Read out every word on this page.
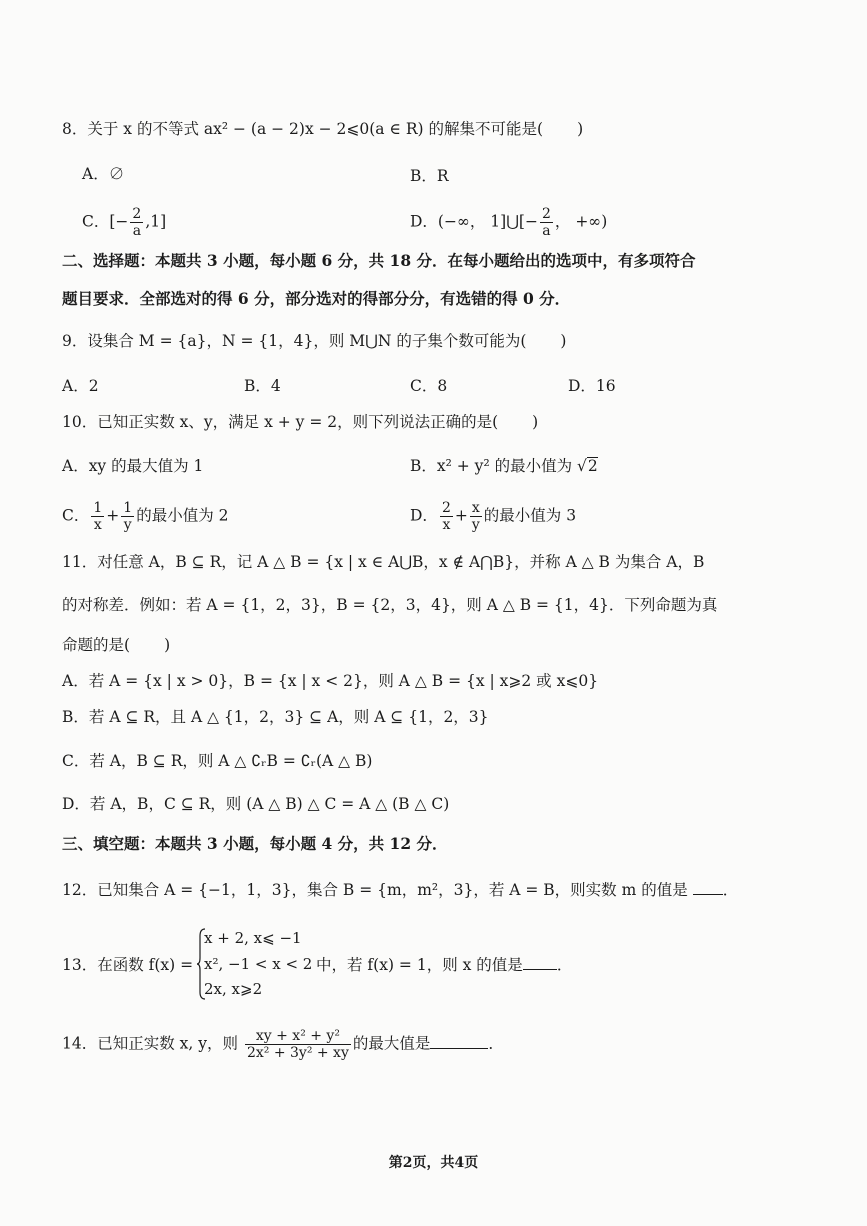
8．关于 x 的不等式 ax² − (a − 2)x − 2⩽0(a ∈ R) 的解集不可能是( )
A．∅	B．R
C．[− $\frac{2}{a} ,1$]	D．(−∞， 1]⋃[− $\frac{2}{a}$ ， +∞)
二、选择题：本题共 3 小题，每小题 6 分，共 18 分．在每小题给出的选项中，有多项符合
题目要求．全部选对的得 6 分，部分选对的得部分分，有选错的得 0 分．
9．设集合 M = {a}，N = {1，4}，则 M⋃N 的子集个数可能为( )
A．2	B．4	C．8	D．16
10．已知正实数 x、y，满足 x + y = 2，则下列说法正确的是( )
A．xy 的最大值为 1	B．x² + y² 的最小值为 √2
C． $\frac{1}{x} + \frac{1}{y}$ 的最小值为 2	D． $\frac{2}{x} + \frac{x}{y}$ 的最小值为 3
11．对任意 A，B ⊆ R，记 A △ B = {x | x ∈ A⋃B，x ∉ A⋂B}，并称 A △ B 为集合 A，B
的对称差．例如：若 A = {1，2，3}，B = {2，3，4}，则 A △ B = {1，4}．下列命题为真
命题的是( )
A．若 A = {x | x > 0}，B = {x | x < 2}，则 A △ B = {x | x⩾2 或 x⩽0}
B．若 A ⊆ R，且 A △ {1，2，3} ⊆ A，则 A ⊆ {1，2，3}
C．若 A，B ⊆ R，则 A △ ∁ᵣB = ∁ᵣ(A △ B)
D．若 A，B，C ⊆ R，则 (A △ B) △ C = A △ (B △ C)
三、填空题：本题共 3 小题，每小题 4 分，共 12 分．
12．已知集合 A = {−1，1，3}，集合 B = {m，m²，3}，若 A = B，则实数 m 的值是 ．
13．在函数 f(x) =
x + 2, x⩽ −1
x², −1 < x < 2
2x, x⩾2
中，若 f(x) = 1，则 x 的值是 ．
14．已知正实数 x, y，则 $\frac{\text{xy + x² + y²}}{\text{2x² + 3y² + xy}}$ 的最大值是	．
第2页，共4页
